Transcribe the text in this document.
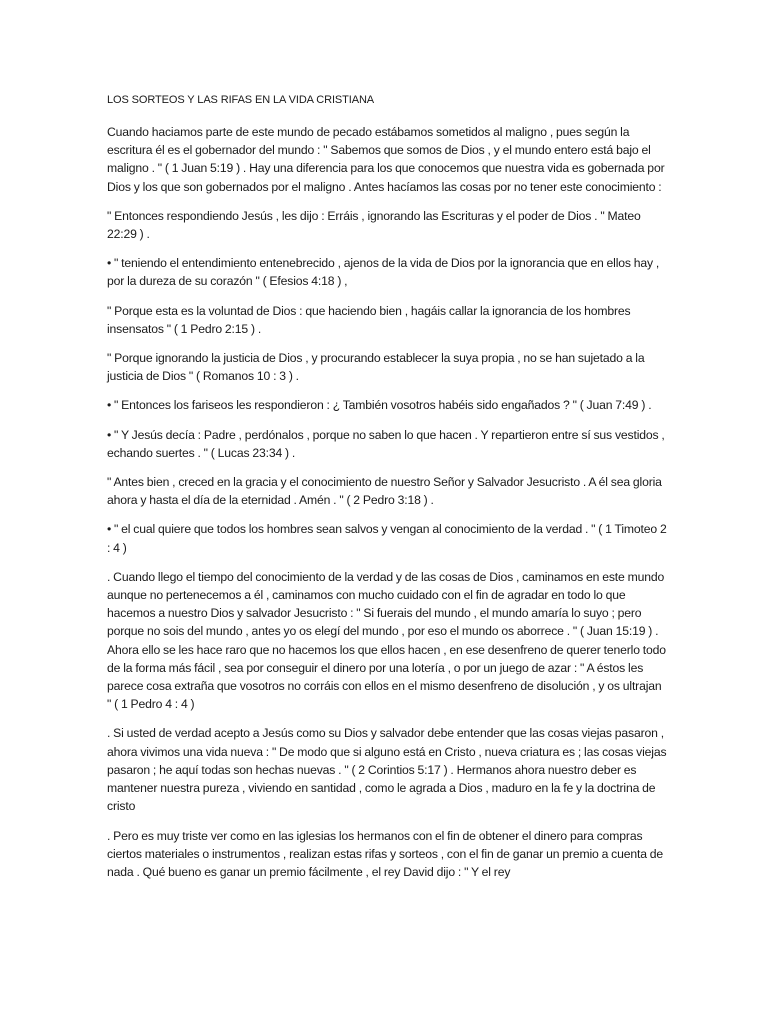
LOS SORTEOS Y LAS RIFAS EN LA VIDA CRISTIANA

Cuando haciamos parte de este mundo de pecado estábamos sometidos al maligno , pues según la escritura él es el gobernador del mundo : " Sabemos que somos de Dios , y el mundo entero está bajo el maligno . " ( 1 Juan 5:19 ) . Hay una diferencia para los que conocemos que nuestra vida es gobernada por Dios y los que son gobernados por el maligno . Antes hacíamos las cosas por no tener este conocimiento :

" Entonces respondiendo Jesús , les dijo : Erráis , ignorando las Escrituras y el poder de Dios . " Mateo 22:29 ) .

• " teniendo el entendimiento entenebrecido , ajenos de la vida de Dios por la ignorancia que en ellos hay , por la dureza de su corazón " ( Efesios 4:18 ) ,

" Porque esta es la voluntad de Dios : que haciendo bien , hagáis callar la ignorancia de los hombres insensatos " ( 1 Pedro 2:15 ) .

" Porque ignorando la justicia de Dios , y procurando establecer la suya propia , no se han sujetado a la justicia de Dios " ( Romanos 10 : 3 ) .

• " Entonces los fariseos les respondieron : ¿ También vosotros habéis sido engañados ? " ( Juan 7:49 ) .

• " Y Jesús decía : Padre , perdónalos , porque no saben lo que hacen . Y repartieron entre sí sus vestidos , echando suertes . " ( Lucas 23:34 ) .

" Antes bien , creced en la gracia y el conocimiento de nuestro Señor y Salvador Jesucristo . A él sea gloria ahora y hasta el día de la eternidad . Amén . " ( 2 Pedro 3:18 ) .

• " el cual quiere que todos los hombres sean salvos y vengan al conocimiento de la verdad . " ( 1 Timoteo 2 : 4 )

. Cuando llego el tiempo del conocimiento de la verdad y de las cosas de Dios , caminamos en este mundo aunque no pertenecemos a él , caminamos con mucho cuidado con el fin de agradar en todo lo que hacemos a nuestro Dios y salvador Jesucristo : " Si fuerais del mundo , el mundo amaría lo suyo ; pero porque no sois del mundo , antes yo os elegí del mundo , por eso el mundo os aborrece . " ( Juan 15:19 ) . Ahora ello se les hace raro que no hacemos los que ellos hacen , en ese desenfreno de querer tenerlo todo de la forma más fácil , sea por conseguir el dinero por una lotería , o por un juego de azar : " A éstos les parece cosa extraña que vosotros no corráis con ellos en el mismo desenfreno de disolución , y os ultrajan " ( 1 Pedro 4 : 4 )

. Si usted de verdad acepto a Jesús como su Dios y salvador debe entender que las cosas viejas pasaron , ahora vivimos una vida nueva : " De modo que si alguno está en Cristo , nueva criatura es ; las cosas viejas pasaron ; he aquí todas son hechas nuevas . " ( 2 Corintios 5:17 ) . Hermanos ahora nuestro deber es mantener nuestra pureza , viviendo en santidad , como le agrada a Dios , maduro en la fe y la doctrina de cristo

. Pero es muy triste ver como en las iglesias los hermanos con el fin de obtener el dinero para compras ciertos materiales o instrumentos , realizan estas rifas y sorteos , con el fin de ganar un premio a cuenta de nada . Qué bueno es ganar un premio fácilmente , el rey David dijo : " Y el rey
